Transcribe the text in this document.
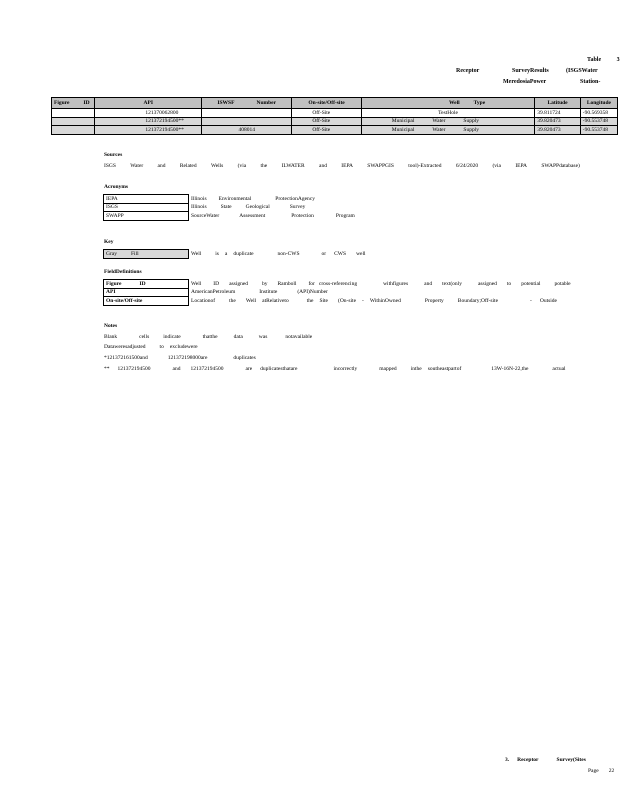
Table	3
Receptor	SurveyResults	(ISGSWater
MeredosiaPower	Station-
Figure ID	API	ISWSF Number	On-site/Off-site	Well Type	Latitude	Longitude
	121370062800		Off-Site	TestHole	39.811724	-90.569358
	121372194500**		Off-Site	Municipal Water Supply	39.820473	-90.553748
	121372194500**	408014	Off-Site	Municipal Water Supply	39.820473	-90.553748
Sources
ISGS	Water	and	Related	Wells	(via	the	ILWATER	and	IEPA	SWAPPGIS	tool)-Extracted	6/24/2020	(via	IEPA	SWAPPdatabase)
Acronyms
IEPA	Illinois Environmental ProtectionAgency
ISGS	Illinois State Geological Survey
SWAPP	SourceWater Assessment Protection Program
Key
Gray	Fill	Well	is a duplicate	non-CWS	or CWS well
FieldDefinitions
Figure ID	Well ID assigned by Ramboll for cross-referencing withfigures and text(only assigned to potential potable
API	AmericanPetroleum Institute (API)Number
On-site/Off-site	Locationof the Well atRelativeto the Site (On-site - WithinOwned Property Boundary;Off-site - Outside
Notes
Blank	cells	indicate	thatthe	data	was	notavailable
Dataweresadjusted	to excludewere
*121372161500and	121372198000are	duplicates
** 121372194500	and 121372194500	are duplicatesthatare	incorrectly	mapped	inthe southeastpartof	13W-16N-22,the	actual
3. Receptor	Survey(Sites
Page 22
